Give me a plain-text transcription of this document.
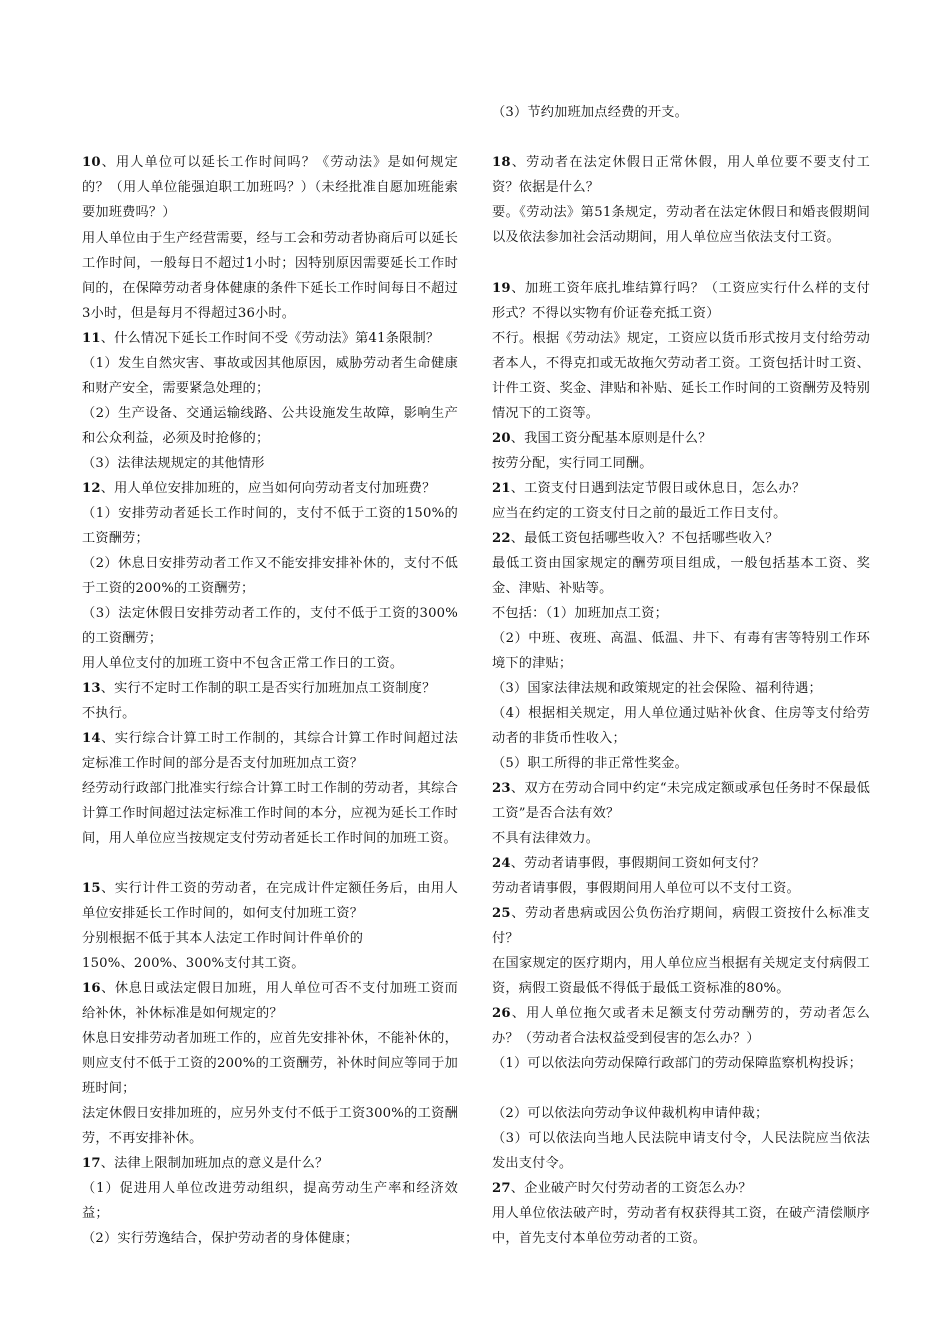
10、用人单位可以延长工作时间吗？《劳动法》是如何规定的？（用人单位能强迫职工加班吗？）（未经批准自愿加班能索要加班费吗？）

用人单位由于生产经营需要，经与工会和劳动者协商后可以延长工作时间，一般每日不超过1小时；因特别原因需要延长工作时间的，在保障劳动者身体健康的条件下延长工作时间每日不超过3小时，但是每月不得超过36小时。

11、什么情况下延长工作时间不受《劳动法》第41条限制？

（1）发生自然灾害、事故或因其他原因，威胁劳动者生命健康和财产安全，需要紧急处理的；

（2）生产设备、交通运输线路、公共设施发生故障，影响生产和公众利益，必须及时抢修的；

（3）法律法规规定的其他情形

12、用人单位安排加班的，应当如何向劳动者支付加班费？

（1）安排劳动者延长工作时间的，支付不低于工资的150%的工资酬劳；

（2）休息日安排劳动者工作又不能安排安排补休的，支付不低于工资的200%的工资酬劳；

（3）法定休假日安排劳动者工作的，支付不低于工资的300%的工资酬劳；

用人单位支付的加班工资中不包含正常工作日的工资。

13、实行不定时工作制的职工是否实行加班加点工资制度？

不执行。

14、实行综合计算工时工作制的，其综合计算工作时间超过法定标准工作时间的部分是否支付加班加点工资？

经劳动行政部门批准实行综合计算工时工作制的劳动者，其综合计算工作时间超过法定标准工作时间的本分，应视为延长工作时间，用人单位应当按规定支付劳动者延长工作时间的加班工资。

15、实行计件工资的劳动者，在完成计件定额任务后，由用人单位安排延长工作时间的，如何支付加班工资？

分别根据不低于其本人法定工作时间计件单价的

150%、200%、300%支付其工资。

16、休息日或法定假日加班，用人单位可否不支付加班工资而给补休，补休标准是如何规定的？

休息日安排劳动者加班工作的，应首先安排补休，不能补休的，则应支付不低于工资的200%的工资酬劳，补休时间应等同于加班时间；

法定休假日安排加班的，应另外支付不低于工资300%的工资酬劳，不再安排补休。

17、法律上限制加班加点的意义是什么？

（1）促进用人单位改进劳动组织，提高劳动生产率和经济效益；

（2）实行劳逸结合，保护劳动者的身体健康；

（3）节约加班加点经费的开支。

18、劳动者在法定休假日正常休假，用人单位要不要支付工资？依据是什么？

要。《劳动法》第51条规定，劳动者在法定休假日和婚丧假期间以及依法参加社会活动期间，用人单位应当依法支付工资。

19、加班工资年底扎堆结算行吗？（工资应实行什么样的支付形式？不得以实物有价证卷充抵工资）

不行。根据《劳动法》规定，工资应以货币形式按月支付给劳动者本人，不得克扣或无故拖欠劳动者工资。工资包括计时工资、计件工资、奖金、津贴和补贴、延长工作时间的工资酬劳及特别情况下的工资等。

20、我国工资分配基本原则是什么？

按劳分配，实行同工同酬。

21、工资支付日遇到法定节假日或休息日，怎么办？

应当在约定的工资支付日之前的最近工作日支付。

22、最低工资包括哪些收入？不包括哪些收入？

最低工资由国家规定的酬劳项目组成，一般包括基本工资、奖金、津贴、补贴等。

不包括：（1）加班加点工资；

（2）中班、夜班、高温、低温、井下、有毒有害等特别工作环境下的津贴；

（3）国家法律法规和政策规定的社会保险、福利待遇；

（4）根据相关规定，用人单位通过贴补伙食、住房等支付给劳动者的非货币性收入；

（5）职工所得的非正常性奖金。

23、双方在劳动合同中约定“未完成定额或承包任务时不保最低工资”是否合法有效？

不具有法律效力。

24、劳动者请事假，事假期间工资如何支付？

劳动者请事假，事假期间用人单位可以不支付工资。

25、劳动者患病或因公负伤治疗期间，病假工资按什么标准支付？

在国家规定的医疗期内，用人单位应当根据有关规定支付病假工资，病假工资最低不得低于最低工资标准的80%。

26、用人单位拖欠或者未足额支付劳动酬劳的，劳动者怎么办？（劳动者合法权益受到侵害的怎么办？）

（1）可以依法向劳动保障行政部门的劳动保障监察机构投诉；

（2）可以依法向劳动争议仲裁机构申请仲裁；

（3）可以依法向当地人民法院申请支付令，人民法院应当依法发出支付令。

27、企业破产时欠付劳动者的工资怎么办？

用人单位依法破产时，劳动者有权获得其工资，在破产清偿顺序中，首先支付本单位劳动者的工资。
